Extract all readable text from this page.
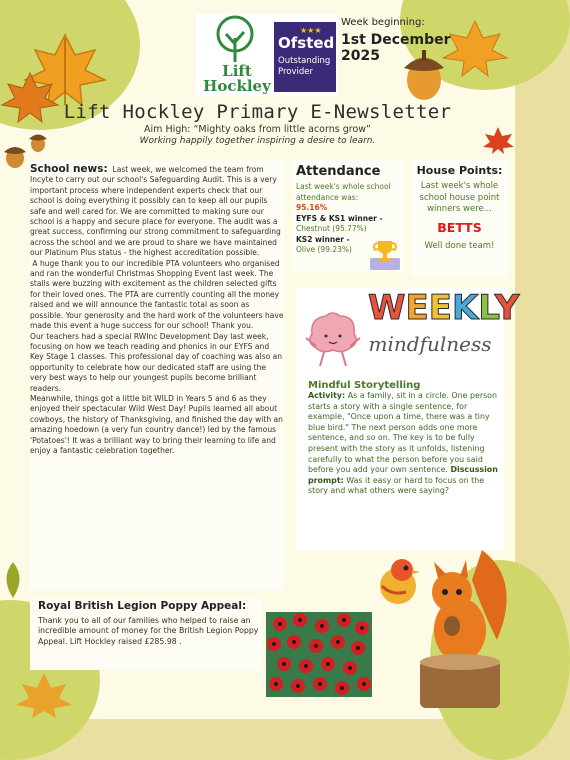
Lift
Hockley
★★★
Ofsted
Outstanding
Provider
Week beginning:
1st December
2025
Lift Hockley Primary E-Newsletter
Aim High: “Mighty oaks from little acorns grow”
Working happily together inspiring a desire to learn.

School news: Last week, we welcomed the team from Incyte to carry out our school's Safeguarding Audit. This is a very important process where independent experts check that our school is doing everything it possibly can to keep all our pupils safe and well cared for. We are committed to making sure our school is a happy and secure place for everyone. The audit was a great success, confirming our strong commitment to safeguarding across the school and we are proud to share we have maintained our Platinum Plus status - the highest accreditation possible.

A huge thank you to our incredible PTA volunteers who organised and ran the wonderful Christmas Shopping Event last week. The stalls were buzzing with excitement as the children selected gifts for their loved ones. The PTA are currently counting all the money raised and we will announce the fantastic total as soon as possible. Your generosity and the hard work of the volunteers have made this event a huge success for our school! Thank you.

Our teachers had a special RWInc Development Day last week, focusing on how we teach reading and phonics in our EYFS and Key Stage 1 classes. This professional day of coaching was also an opportunity to celebrate how our dedicated staff are using the very best ways to help our youngest pupils become brilliant readers.

Meanwhile, things got a little bit WILD in Years 5 and 6 as they enjoyed their spectacular Wild West Day! Pupils learned all about cowboys, the history of Thanksgiving, and finished the day with an amazing hoedown (a very fun country dance!) led by the famous 'Potatoes'! It was a brilliant way to bring their learning to life and enjoy a fantastic celebration together.

Attendance
Last week's whole school attendance was:
95.16%
EYFS & KS1 winner -
Chestnut (95.77%)
KS2 winner -
Olive (99.23%)
House Points:
Last week's whole school house point winners were...
BETTS
Well done team!
WEEKLY
mindfulness
Mindful Storytelling
Activity: As a family, sit in a circle. One person starts a story with a single sentence, for example, "Once upon a time, there was a tiny blue bird." The next person adds one more sentence, and so on. The key is to be fully present with the story as it unfolds, listening carefully to what the person before you said before you add your own sentence. Discussion prompt: Was it easy or hard to focus on the story and what others were saying?
Royal British Legion Poppy Appeal:
Thank you to all of our families who helped to raise an incredible amount of money for the British Legion Poppy Appeal. Lift Hockley raised £285.98 .
